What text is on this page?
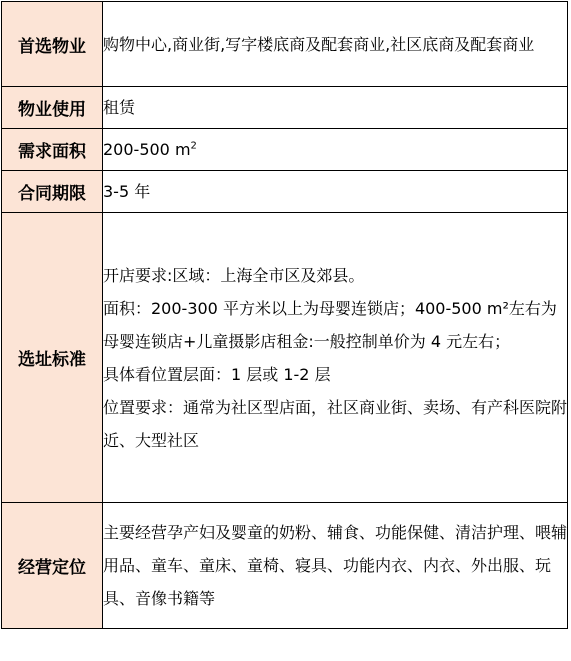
首选物业	购物中心,商业街,写字楼底商及配套商业,社区底商及配套商业
物业使用	租赁
需求面积	200-500 $m^2$
合同期限	3-5 年
选址标准	开店要求:区域：上海全市区及郊县。
面积：200-300 平方米以上为母婴连锁店；400-500 m²左右为母婴连锁店+儿童摄影店租金:一般控制单价为 4 元左右；
具体看位置层面：1 层或 1-2 层
位置要求：通常为社区型店面，社区商业街、卖场、有产科医院附近、大型社区

经营定位	主要经营孕产妇及婴童的奶粉、辅食、功能保健、清洁护理、喂辅用品、童车、童床、童椅、寝具、功能内衣、内衣、外出服、玩具、音像书籍等
